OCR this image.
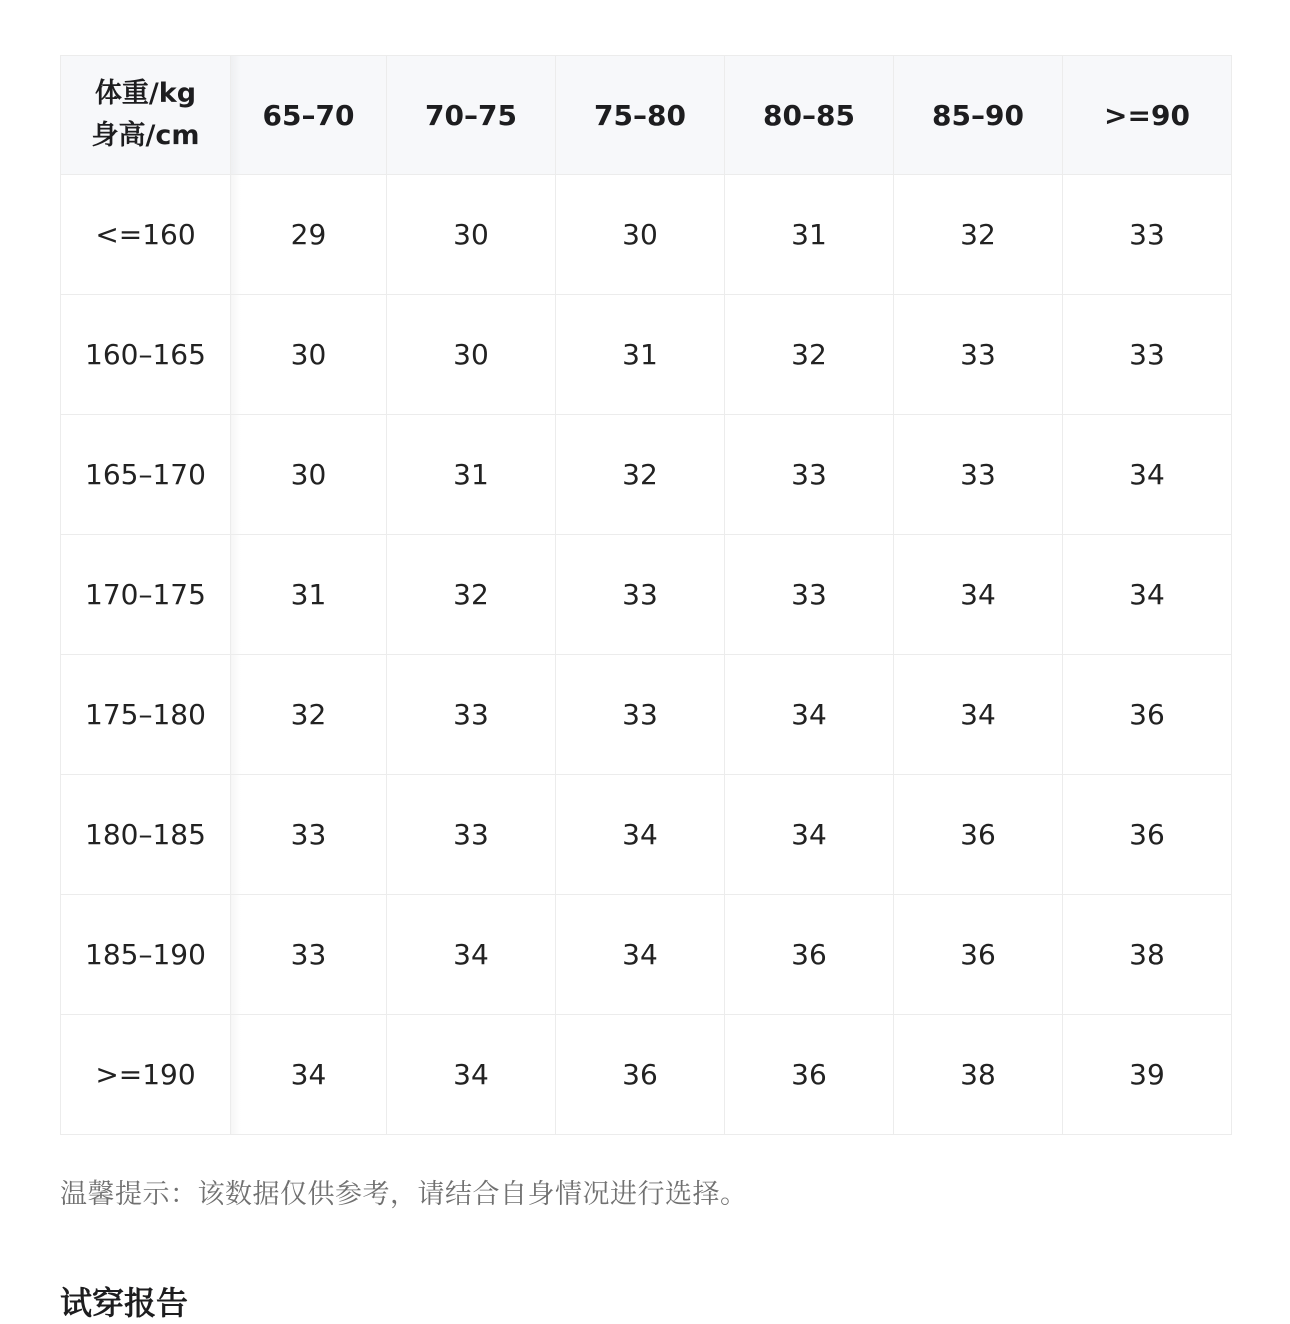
体重/kg
身高/cm	65–70	70–75	75–80	80–85	85–90	>=90
<=160	29	30	30	31	32	33
160–165	30	30	31	32	33	33
165–170	30	31	32	33	33	34
170–175	31	32	33	33	34	34
175–180	32	33	33	34	34	36
180–185	33	33	34	34	36	36
185–190	33	34	34	36	36	38
>=190	34	34	36	36	38	39
温馨提示：该数据仅供参考，请结合自身情况进行选择。
试穿报告
